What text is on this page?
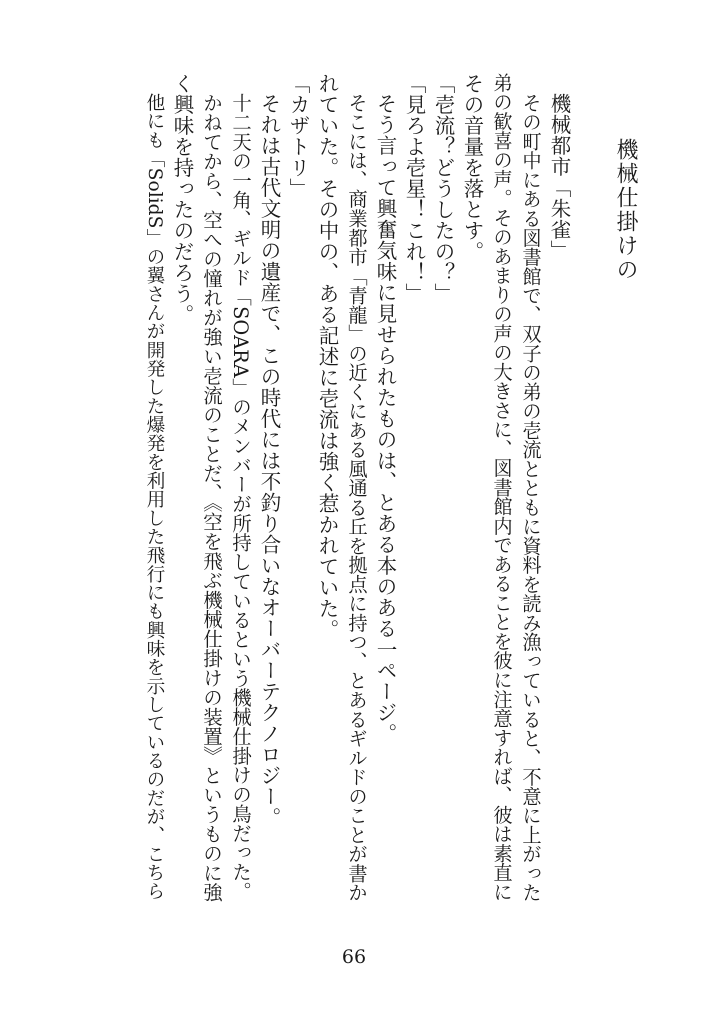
機械仕掛けの
機械都市「朱雀」
その町中にある図書館で、双子の弟の壱流とともに資料を読み漁っていると、不意に上がった
弟の歓喜の声。そのあまりの声の大きさに、図書館内であることを彼に注意すれば、彼は素直に
その音量を落とす。
「壱流？どうしたの？」
「見ろよ壱星！これ！」
そう言って興奮気味に見せられたものは、とある本のある一ページ。
そこには、商業都市「青龍」の近くにある風通る丘を拠点に持つ、とあるギルドのことが書か
れていた。その中の、ある記述に壱流は強く惹かれていた。
「カザトリ」
それは古代文明の遺産で、この時代には不釣り合いなオーバーテクノロジー。
十二天の一角、ギルド「SOARA」のメンバーが所持しているという機械仕掛けの鳥だった。
かねてから、空への憧れが強い壱流のことだ、《空を飛ぶ機械仕掛けの装置》というものに強
く興味を持ったのだろう。
他にも「SolidS」の翼さんが開発した爆発を利用した飛行にも興味を示しているのだが、こちら
66
